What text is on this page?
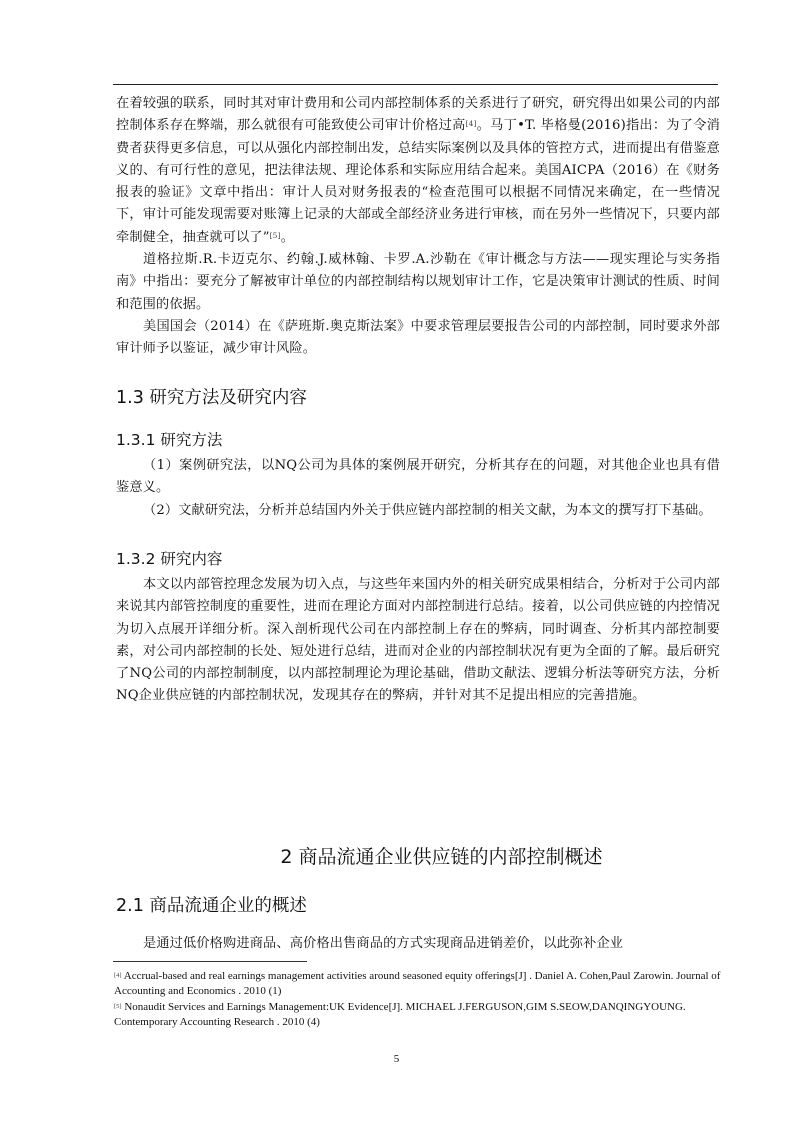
在着较强的联系，同时其对审计费用和公司内部控制体系的关系进行了研究，研究得出如果公司的内部控制体系存在弊端，那么就很有可能致使公司审计价格过高[4]。马丁•T. 毕格曼(2016)指出：为了令消费者获得更多信息，可以从强化内部控制出发，总结实际案例以及具体的管控方式，进而提出有借鉴意义的、有可行性的意见，把法律法规、理论体系和实际应用结合起来。美国AICPA（2016）在《财务报表的验证》文章中指出：审计人员对财务报表的“检查范围可以根据不同情况来确定，在一些情况下，审计可能发现需要对账簿上记录的大部或全部经济业务进行审核，而在另外一些情况下，只要内部牵制健全，抽查就可以了”[5]。

道格拉斯.R.卡迈克尔、约翰.J.威林翰、卡罗.A.沙勒在《审计概念与方法——现实理论与实务指南》中指出：要充分了解被审计单位的内部控制结构以规划审计工作，它是决策审计测试的性质、时间和范围的依据。

美国国会（2014）在《萨班斯.奥克斯法案》中要求管理层要报告公司的内部控制，同时要求外部审计师予以鉴证，减少审计风险。

1.3 研究方法及研究内容
1.3.1 研究方法

（1）案例研究法，以NQ公司为具体的案例展开研究，分析其存在的问题，对其他企业也具有借鉴意义。

（2）文献研究法，分析并总结国内外关于供应链内部控制的相关文献，为本文的撰写打下基础。

1.3.2 研究内容

本文以内部管控理念发展为切入点，与这些年来国内外的相关研究成果相结合，分析对于公司内部来说其内部管控制度的重要性，进而在理论方面对内部控制进行总结。接着，以公司供应链的内控情况为切入点展开详细分析。深入剖析现代公司在内部控制上存在的弊病，同时调查、分析其内部控制要素，对公司内部控制的长处、短处进行总结，进而对企业的内部控制状况有更为全面的了解。最后研究了NQ公司的内部控制制度，以内部控制理论为理论基础，借助文献法、逻辑分析法等研究方法，分析NQ企业供应链的内部控制状况，发现其存在的弊病，并针对其不足提出相应的完善措施。

2 商品流通企业供应链的内部控制概述
2.1 商品流通企业的概述

是通过低价格购进商品、高价格出售商品的方式实现商品进销差价，以此弥补企业

[4] Accrual-based and real earnings management activities around seasoned equity offerings[J] . Daniel A. Cohen,Paul Zarowin. Journal of Accounting and Economics . 2010 (1)
[5] Nonaudit Services and Earnings Management:UK Evidence[J]. MICHAEL J.FERGUSON,GIM S.SEOW,DANQINGYOUNG. Contemporary Accounting Research . 2010 (4)
5
